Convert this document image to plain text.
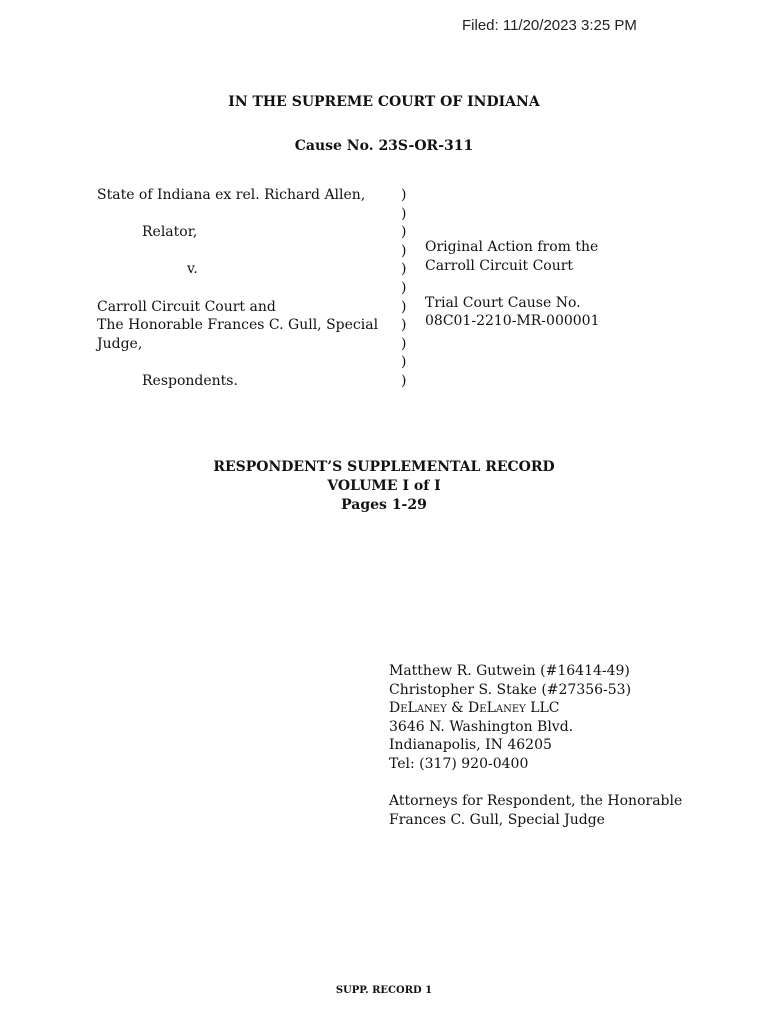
Filed: 11/20/2023 3:25 PM
IN THE SUPREME COURT OF INDIANA
Cause No. 23S-OR-311
State of Indiana ex rel. Richard Allen,
Relator,
v.
Carroll Circuit Court and
The Honorable Frances C. Gull, Special
Judge,
Respondents.
)
)
)
)
)
)
)
)
)
)
)
Original Action from the
Carroll Circuit Court
Trial Court Cause No.
08C01-2210-MR-000001
RESPONDENT’S SUPPLEMENTAL RECORD
VOLUME I of I
Pages 1-29
Matthew R. Gutwein (#16414-49)
Christopher S. Stake (#27356-53)
DeLaney & DeLaney LLC
3646 N. Washington Blvd.
Indianapolis, IN 46205
Tel: (317) 920-0400
Attorneys for Respondent, the Honorable
Frances C. Gull, Special Judge
SUPP. RECORD 1
